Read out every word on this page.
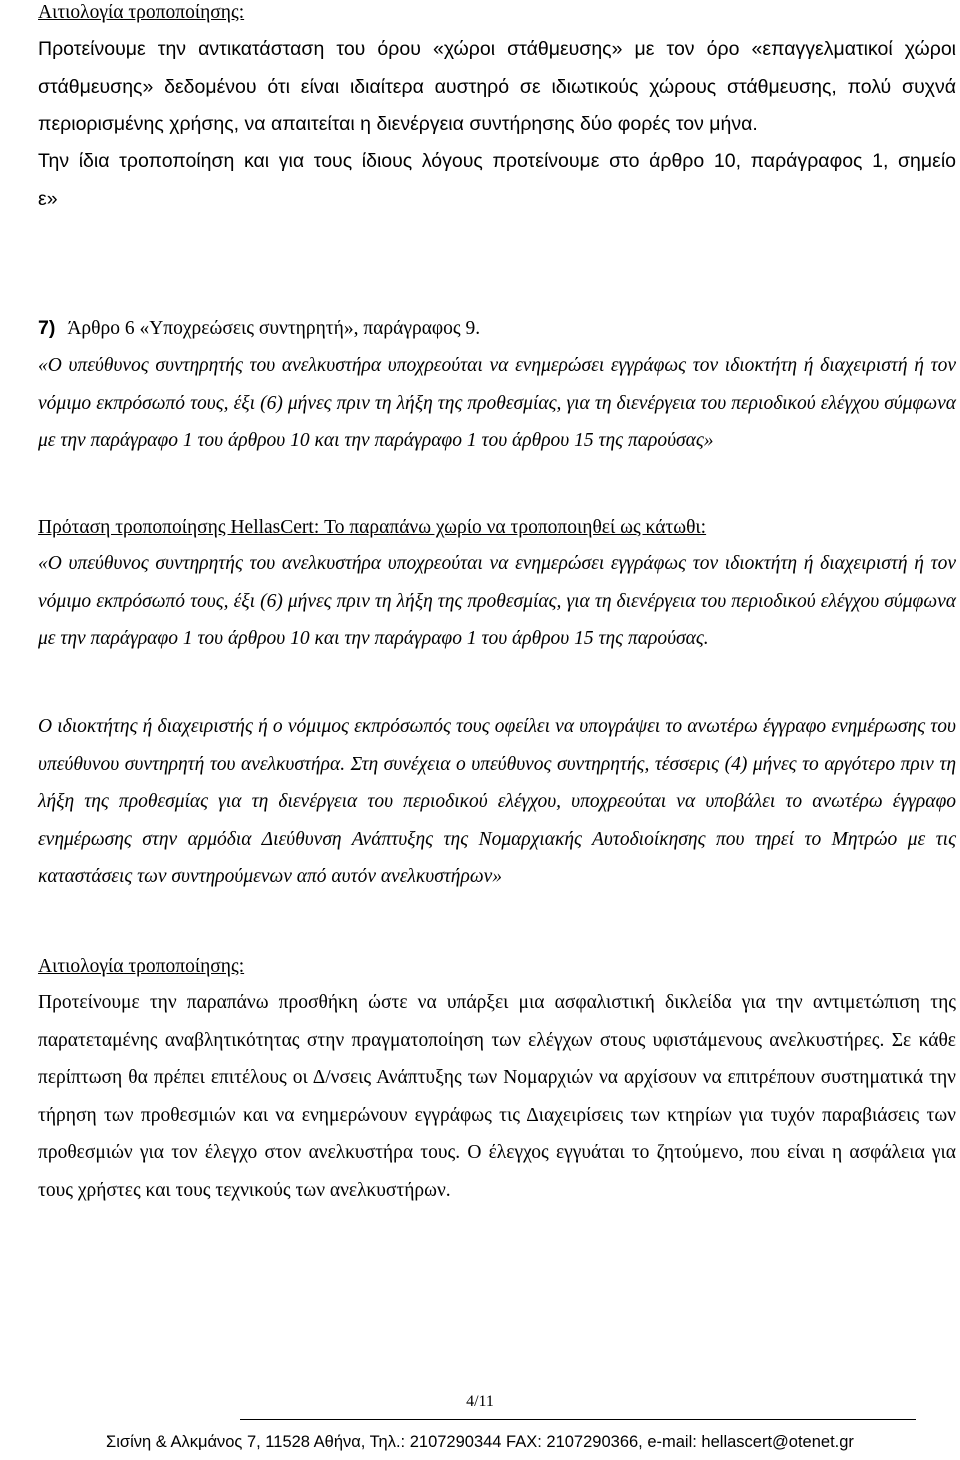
Αιτιολογία τροποποίησης:

Προτείνουμε την αντικατάσταση του όρου «χώροι στάθμευσης» με τον όρο «επαγγελματικοί χώροι στάθμευσης» δεδομένου ότι είναι ιδιαίτερα αυστηρό σε ιδιωτικούς χώρους στάθμευσης, πολύ συχνά περιορισμένης χρήσης, να απαιτείται η διενέργεια συντήρησης δύο φορές τον μήνα.

Την ίδια τροποποίηση και για τους ίδιους λόγους προτείνουμε στο άρθρο 10, παράγραφος 1, σημείο ε»

7) Άρθρο 6 «Υποχρεώσεις συντηρητή», παράγραφος 9.

«Ο υπεύθυνος συντηρητής του ανελκυστήρα υποχρεούται να ενημερώσει εγγράφως τον ιδιοκτήτη ή διαχειριστή ή τον νόμιμο εκπρόσωπό τους, έξι (6) μήνες πριν τη λήξη της προθεσμίας, για τη διενέργεια του περιοδικού ελέγχου σύμφωνα με την παράγραφο 1 του άρθρου 10 και την παράγραφο 1 του άρθρου 15 της παρούσας»

Πρόταση τροποποίησης HellasCert: Το παραπάνω χωρίο να τροποποιηθεί ως κάτωθι:

«Ο υπεύθυνος συντηρητής του ανελκυστήρα υποχρεούται να ενημερώσει εγγράφως τον ιδιοκτήτη ή διαχειριστή ή τον νόμιμο εκπρόσωπό τους, έξι (6) μήνες πριν τη λήξη της προθεσμίας, για τη διενέργεια του περιοδικού ελέγχου σύμφωνα με την παράγραφο 1 του άρθρου 10 και την παράγραφο 1 του άρθρου 15 της παρούσας.

Ο ιδιοκτήτης ή διαχειριστής ή ο νόμιμος εκπρόσωπός τους οφείλει να υπογράψει το ανωτέρω έγγραφο ενημέρωσης του υπεύθυνου συντηρητή του ανελκυστήρα. Στη συνέχεια ο υπεύθυνος συντηρητής, τέσσερις (4) μήνες το αργότερο πριν τη λήξη της προθεσμίας για τη διενέργεια του περιοδικού ελέγχου, υποχρεούται να υποβάλει το ανωτέρω έγγραφο ενημέρωσης στην αρμόδια Διεύθυνση Ανάπτυξης της Νομαρχιακής Αυτοδιοίκησης που τηρεί το Μητρώο με τις καταστάσεις των συντηρούμενων από αυτόν ανελκυστήρων»

Αιτιολογία τροποποίησης:

Προτείνουμε την παραπάνω προσθήκη ώστε να υπάρξει μια ασφαλιστική δικλείδα για την αντιμετώπιση της παρατεταμένης αναβλητικότητας στην πραγματοποίηση των ελέγχων στους υφιστάμενους ανελκυστήρες. Σε κάθε περίπτωση θα πρέπει επιτέλους οι Δ/νσεις Ανάπτυξης των Νομαρχιών να αρχίσουν να επιτρέπουν συστηματικά την τήρηση των προθεσμιών και να ενημερώνουν εγγράφως τις Διαχειρίσεις των κτηρίων για τυχόν παραβιάσεις των προθεσμιών για τον έλεγχο στον ανελκυστήρα τους. Ο έλεγχος εγγυάται το ζητούμενο, που είναι η ασφάλεια για τους χρήστες και τους τεχνικούς των ανελκυστήρων.

4/11
Σισίνη & Αλκμάνος 7, 11528 Αθήνα, Τηλ.: 2107290344 FAX: 2107290366, e-mail: hellascert@otenet.gr
